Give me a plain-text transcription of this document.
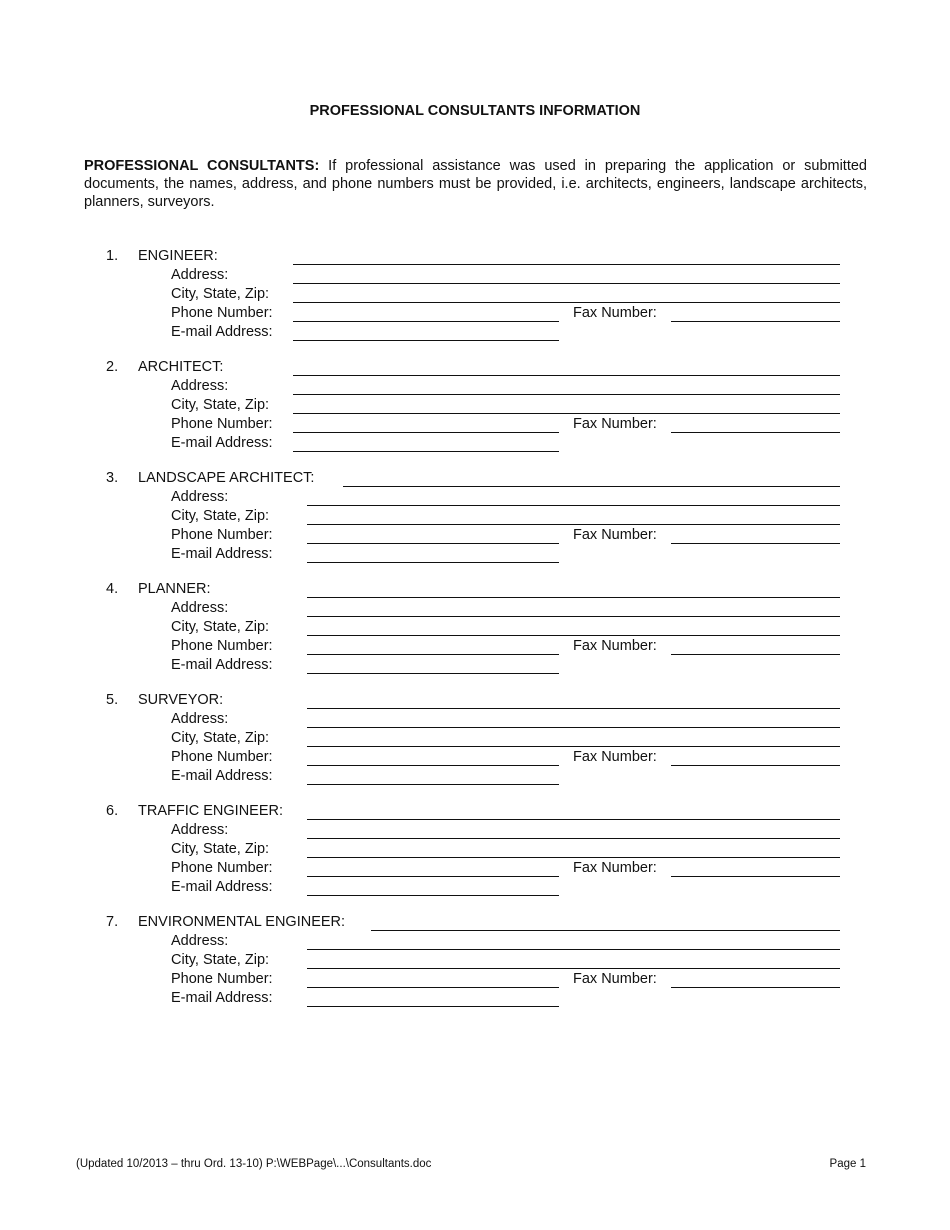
PROFESSIONAL CONSULTANTS INFORMATION
PROFESSIONAL CONSULTANTS: If professional assistance was used in preparing the application or submitted documents, the names, address, and phone numbers must be provided, i.e. architects, engineers, landscape architects, planners, surveyors.
1. ENGINEER:
Address:
City, State, Zip:
Phone Number:	Fax Number:
E-mail Address:
2. ARCHITECT:
Address:
City, State, Zip:
Phone Number:	Fax Number:
E-mail Address:
3. LANDSCAPE ARCHITECT:
Address:
City, State, Zip:
Phone Number:	Fax Number:
E-mail Address:
4. PLANNER:
Address:
City, State, Zip:
Phone Number:	Fax Number:
E-mail Address:
5. SURVEYOR:
Address:
City, State, Zip:
Phone Number:	Fax Number:
E-mail Address:
6. TRAFFIC ENGINEER:
Address:
City, State, Zip:
Phone Number:	Fax Number:
E-mail Address:
7. ENVIRONMENTAL ENGINEER:
Address:
City, State, Zip:
Phone Number:	Fax Number:
E-mail Address:
(Updated 10/2013 – thru Ord. 13-10) P:\WEBPage\...\Consultants.doc	Page 1
